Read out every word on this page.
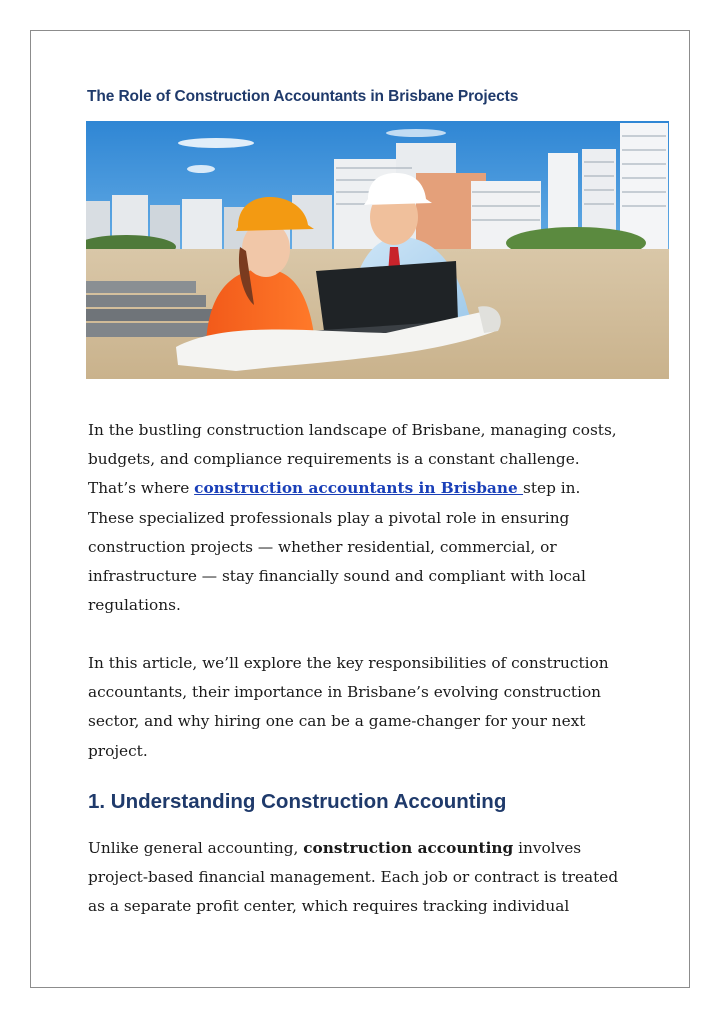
The Role of Construction Accountants in Brisbane Projects

In the bustling construction landscape of Brisbane, managing costs,
budgets, and compliance requirements is a constant challenge.
That’s where construction accountants in Brisbane step in.
These specialized professionals play a pivotal role in ensuring
construction projects — whether residential, commercial, or
infrastructure — stay financially sound and compliant with local
regulations.

In this article, we’ll explore the key responsibilities of construction
accountants, their importance in Brisbane’s evolving construction
sector, and why hiring one can be a game-changer for your next
project.

1. Understanding Construction Accounting

Unlike general accounting, construction accounting involves
project-based financial management. Each job or contract is treated
as a separate profit center, which requires tracking individual
